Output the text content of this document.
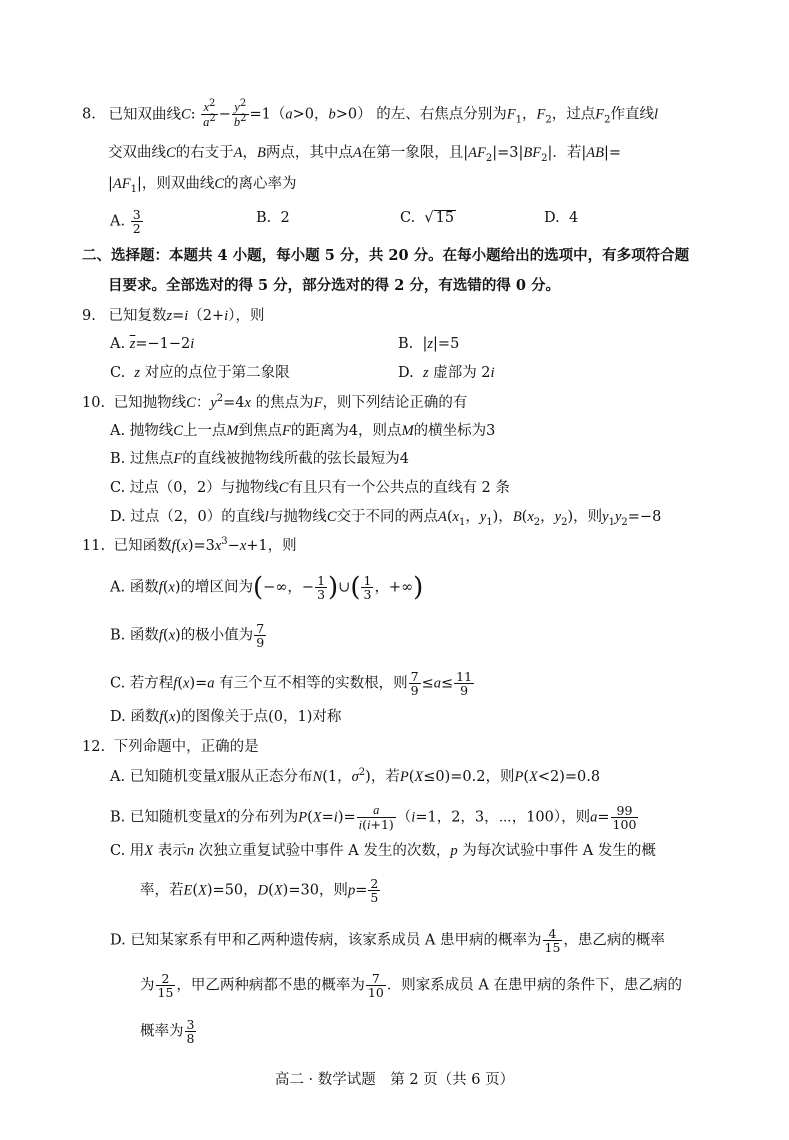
8. 已知双曲线C: $\frac{x^2}{a^2} - \frac{y^2}{b^2} =1(a>0$，b>0） 的左、右焦点分别为$F_1$，$F_2$，过点$F_2$作直线l
交双曲线C的右支于A，B两点，其中点A在第一象限，且$|AF_2|=3|BF_2|$．若|AB|=
$|AF_1|$，则双曲线C的离心率为
A. $\frac{3}{2}$	B. 2	C.  √ 15	D. 4
二、选择题：本题共 4 小题，每小题 5 分，共 20 分。在每小题给出的选项中，有多项符合题
目要求。全部选对的得 5 分，部分选对的得 2 分，有选错的得 0 分。
9. 已知复数z=i（2+i），则
A. $\overline{z}=-1-2i$	B.  |z|=5
C. z 对应的点位于第二象限	D. z 虚部为 2i
10. 已知抛物线C：$y^2=4x$ 的焦点为F，则下列结论正确的有
A. 抛物线C上一点M到焦点F的距离为4，则点M的横坐标为3
B. 过焦点F的直线被抛物线所截的弦长最短为4
C. 过点（0，2）与抛物线C有且只有一个公共点的直线有 2 条
D. 过点（2，0）的直线l与抛物线C交于不同的两点$A(x_1$，$y_1$)，$B(x_2$，$y_2$)，则$y_1y_2=-8$
11. 已知函数$f(x)=3x^3-x+1$，则
A. 函数f(x)的增区间为(−∞，− $\frac{1}{3}$ )∪( $\frac{1}{3}$ ，+∞)
B. 函数f(x)的极小值为 $\frac{7}{9}$
C. 若方程f(x)=a 有三个互不相等的实数根，则 $\frac{7}{9} \le a\le \frac{11}{9}$
D. 函数f(x)的图像关于点(0，1)对称
12. 下列命题中，正确的是
A. 已知随机变量X服从正态分布N(1，$\sigma^2$)，若P(X≤0)=0.2，则P(X<2)=0.8
B. 已知随机变量X的分布列为$P(X=i)= \frac{a}{i(i+1)} (i=1$，2，3，⋯，100），则$a= \frac{99}{100}$
C. 用X 表示n 次独立重复试验中事件 A 发生的次数，p 为每次试验中事件 A 发生的概
率，若E(X)=50，D(X)=30，则$p= \frac{2}{5}$
D. 已知某家系有甲和乙两种遗传病，该家系成员 A 患甲病的概率为 $\frac{4}{15}$ ，患乙病的概率
为 $\frac{2}{15}$ ，甲乙两种病都不患的概率为 $\frac{7}{10}$ ．则家系成员 A 在患甲病的条件下，患乙病的
概率为 $\frac{3}{8}$
高二 · 数学试题　第 2 页（共 6 页）
